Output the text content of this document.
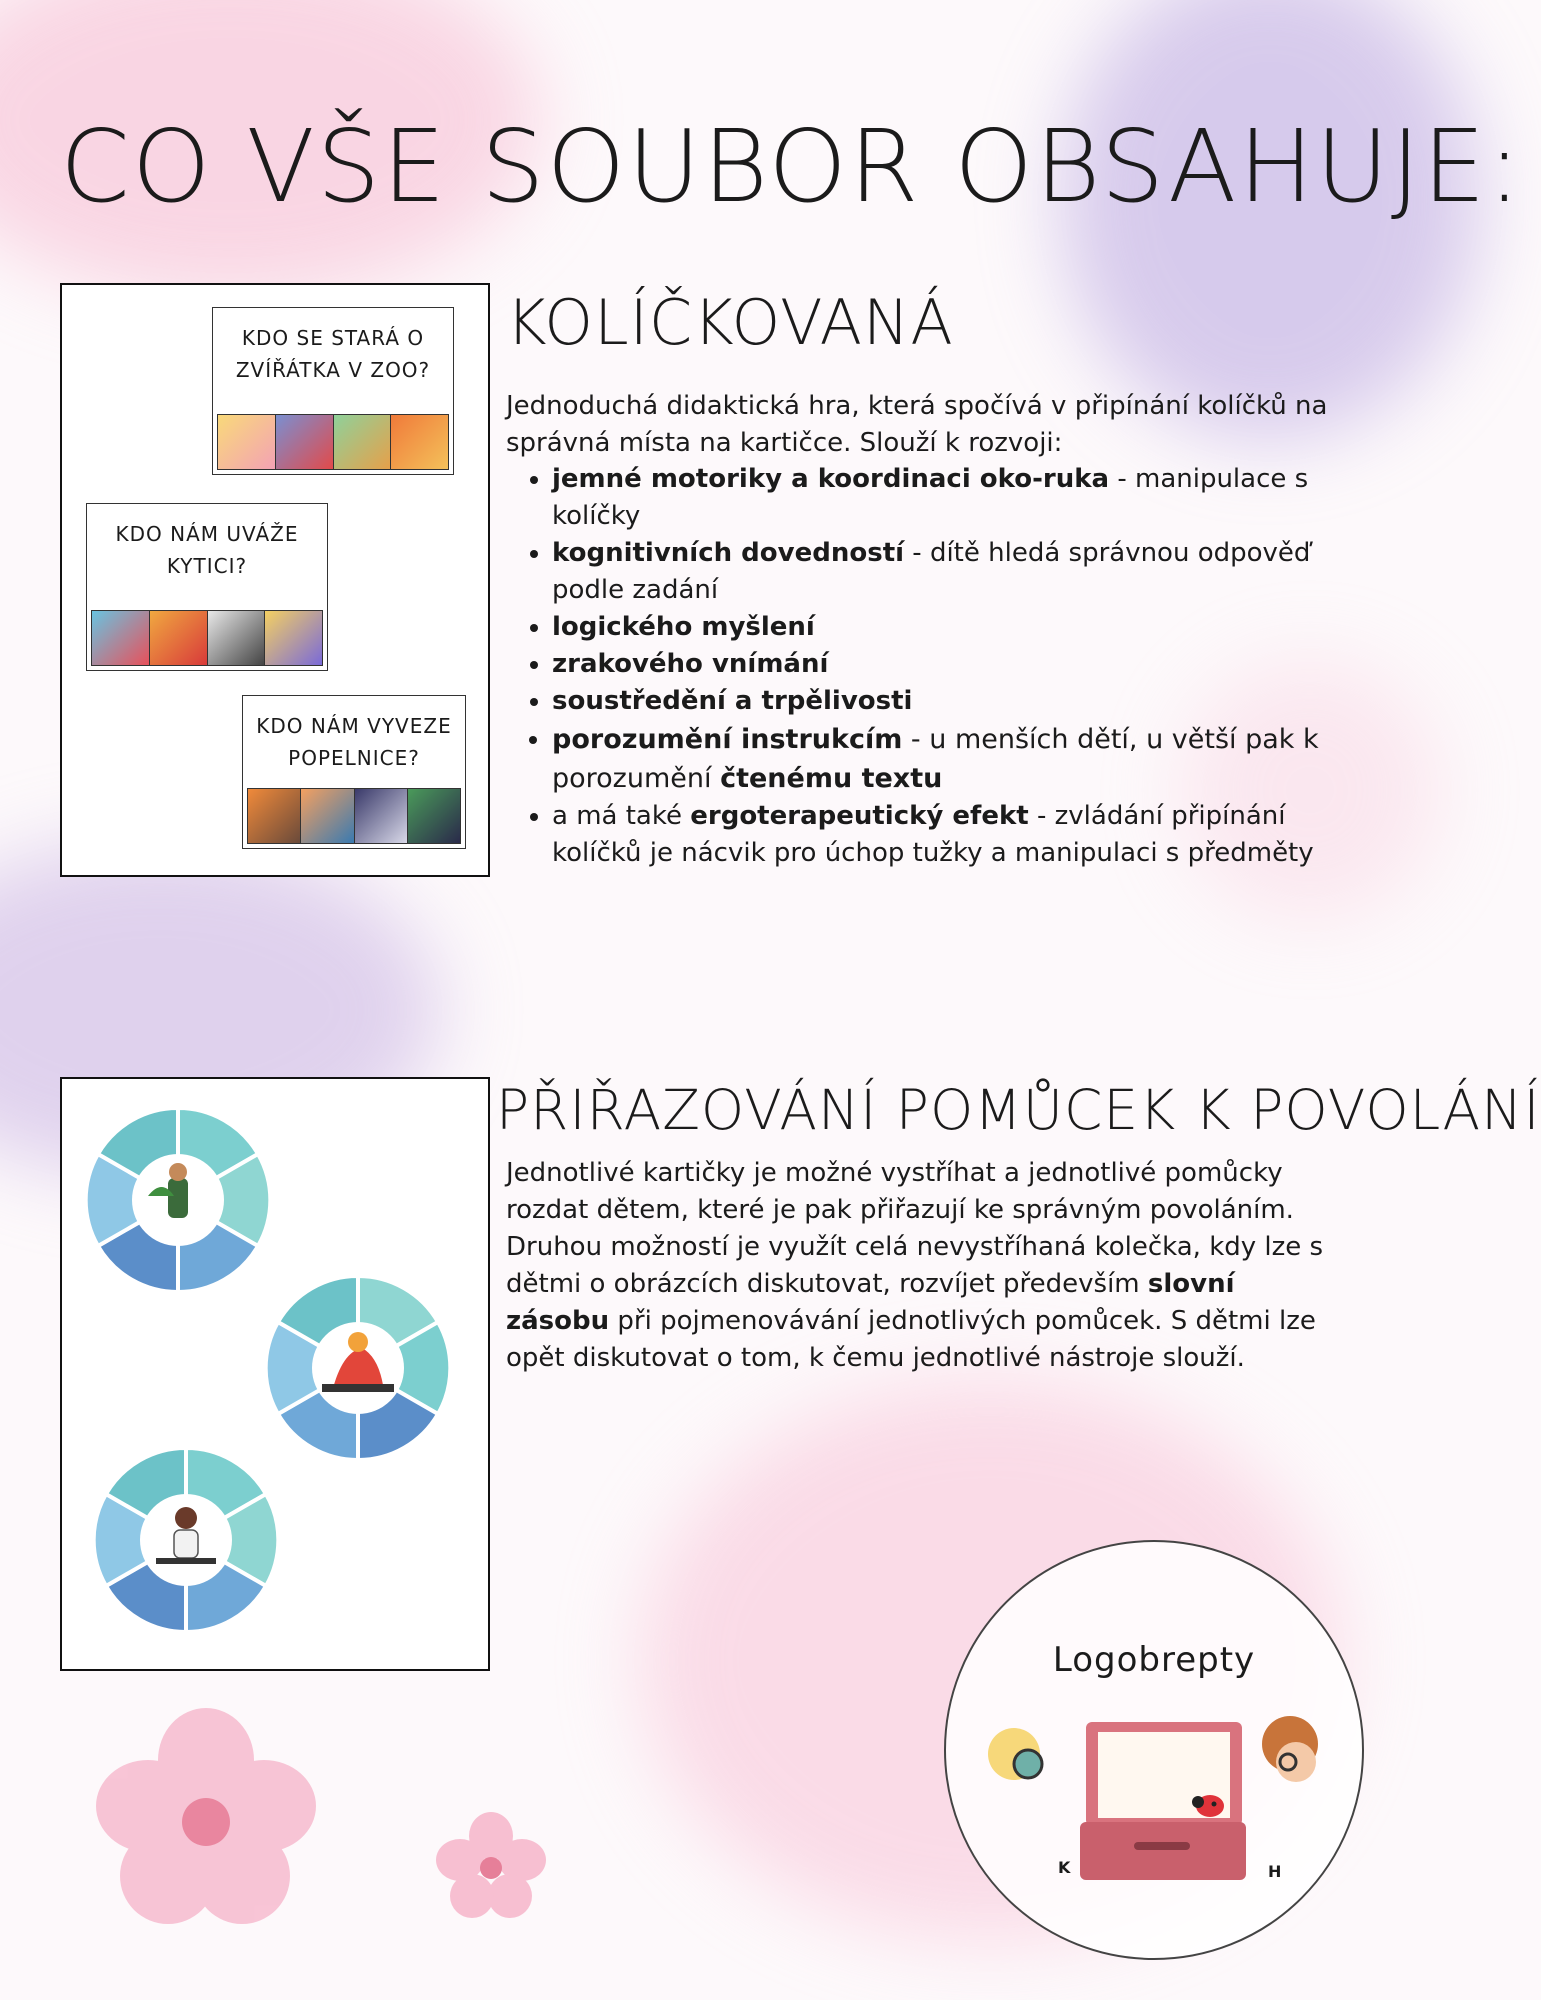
CO VŠE SOUBOR OBSAHUJE:
KDO SE STARÁ O
ZVÍŘÁTKA V ZOO?
KDO NÁM UVÁŽE
KYTICI?
KDO NÁM VYVEZE
POPELNICE?
KOLÍČKOVANÁ

Jednoduchá didaktická hra, která spočívá v připínání kolíčků na správná místa na kartičce. Slouží k rozvoji:

• jemné motoriky a koordinaci oko-ruka - manipulace s kolíčky
• kognitivních dovedností - dítě hledá správnou odpověď podle zadání
• logického myšlení
• zrakového vnímání
• soustředění a trpělivosti
• porozumění instrukcím - u menších dětí, u větší pak k porozumění čtenému textu
• a má také ergoterapeutický efekt - zvládání připínání kolíčků je nácvik pro úchop tužky a manipulaci s předměty
PŘIŘAZOVÁNÍ POMŮCEK K POVOLÁNÍ

Jednotlivé kartičky je možné vystříhat a jednotlivé pomůcky rozdat dětem, které je pak přiřazují ke správným povoláním. Druhou možností je využít celá nevystříhaná kolečka, kdy lze s dětmi o obrázcích diskutovat, rozvíjet především slovní zásobu při pojmenovávání jednotlivých pomůcek. S dětmi lze opět diskutovat o tom, k čemu jednotlivé nástroje slouží.

Logobrepty
K	H
